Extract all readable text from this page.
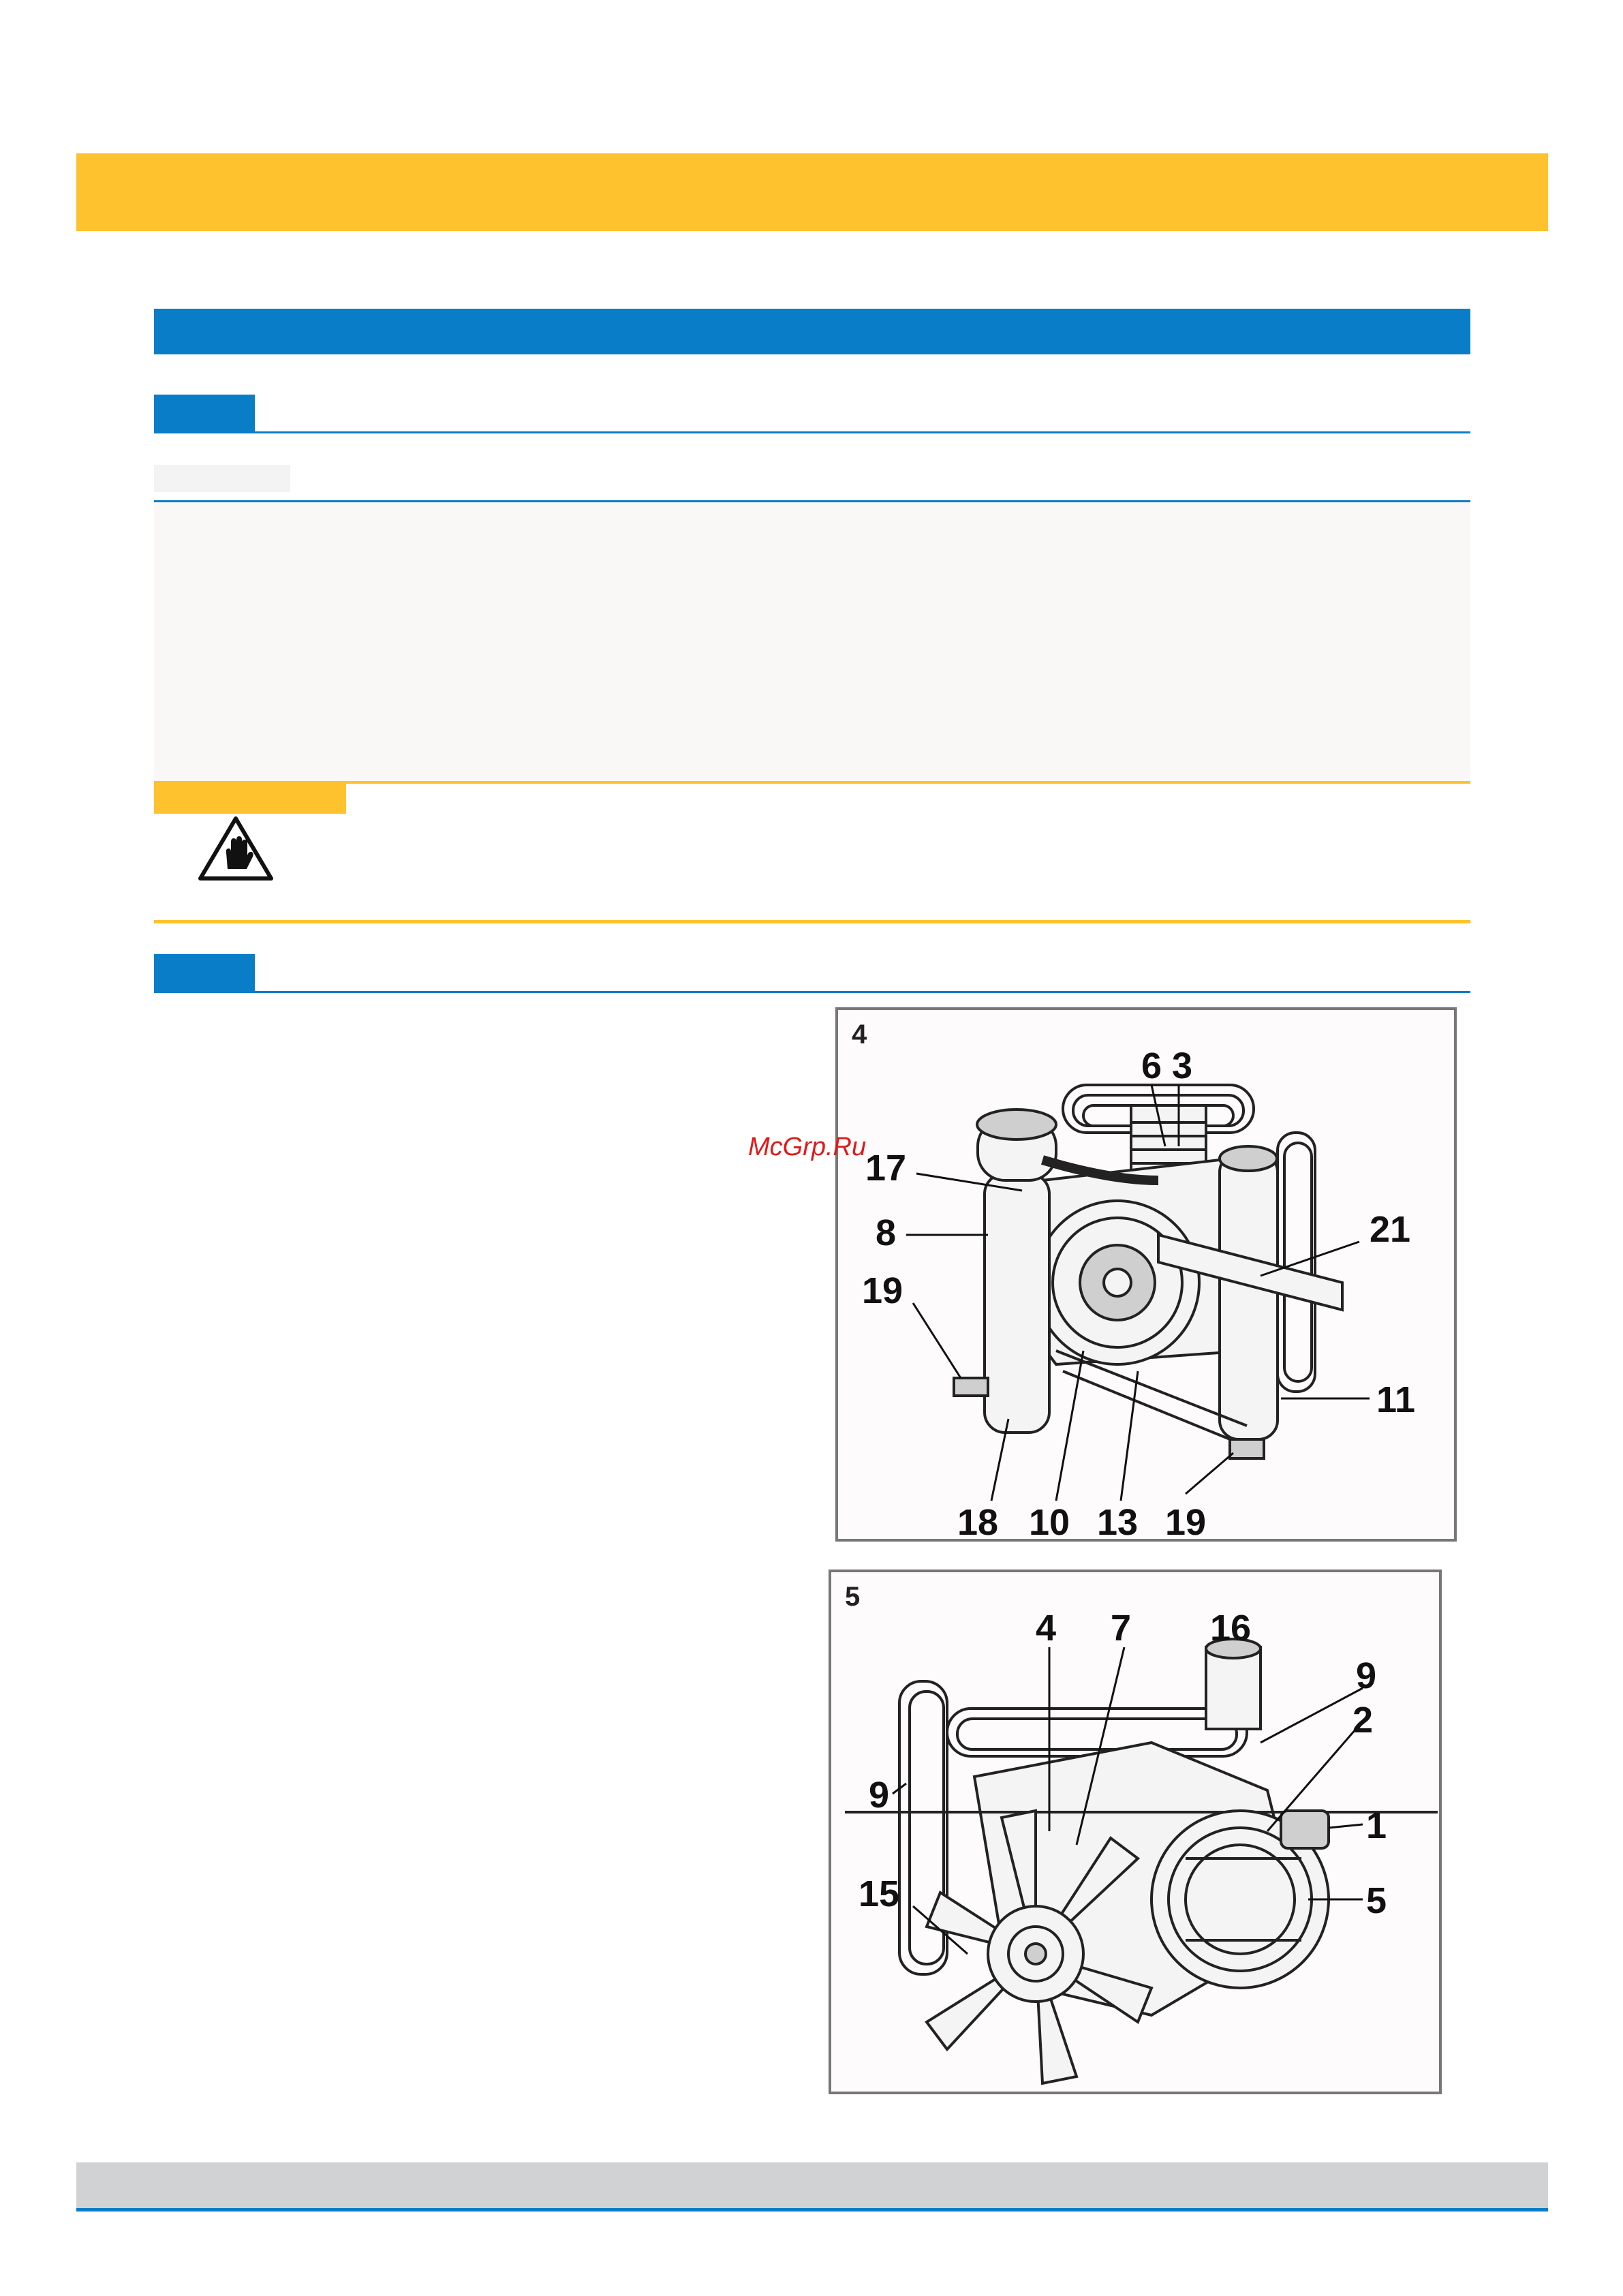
4
6 3
17
8	21
19
11
18 10 13 19
McGrp.Ru
5
4 7 16
9
2
9
1
15	5
